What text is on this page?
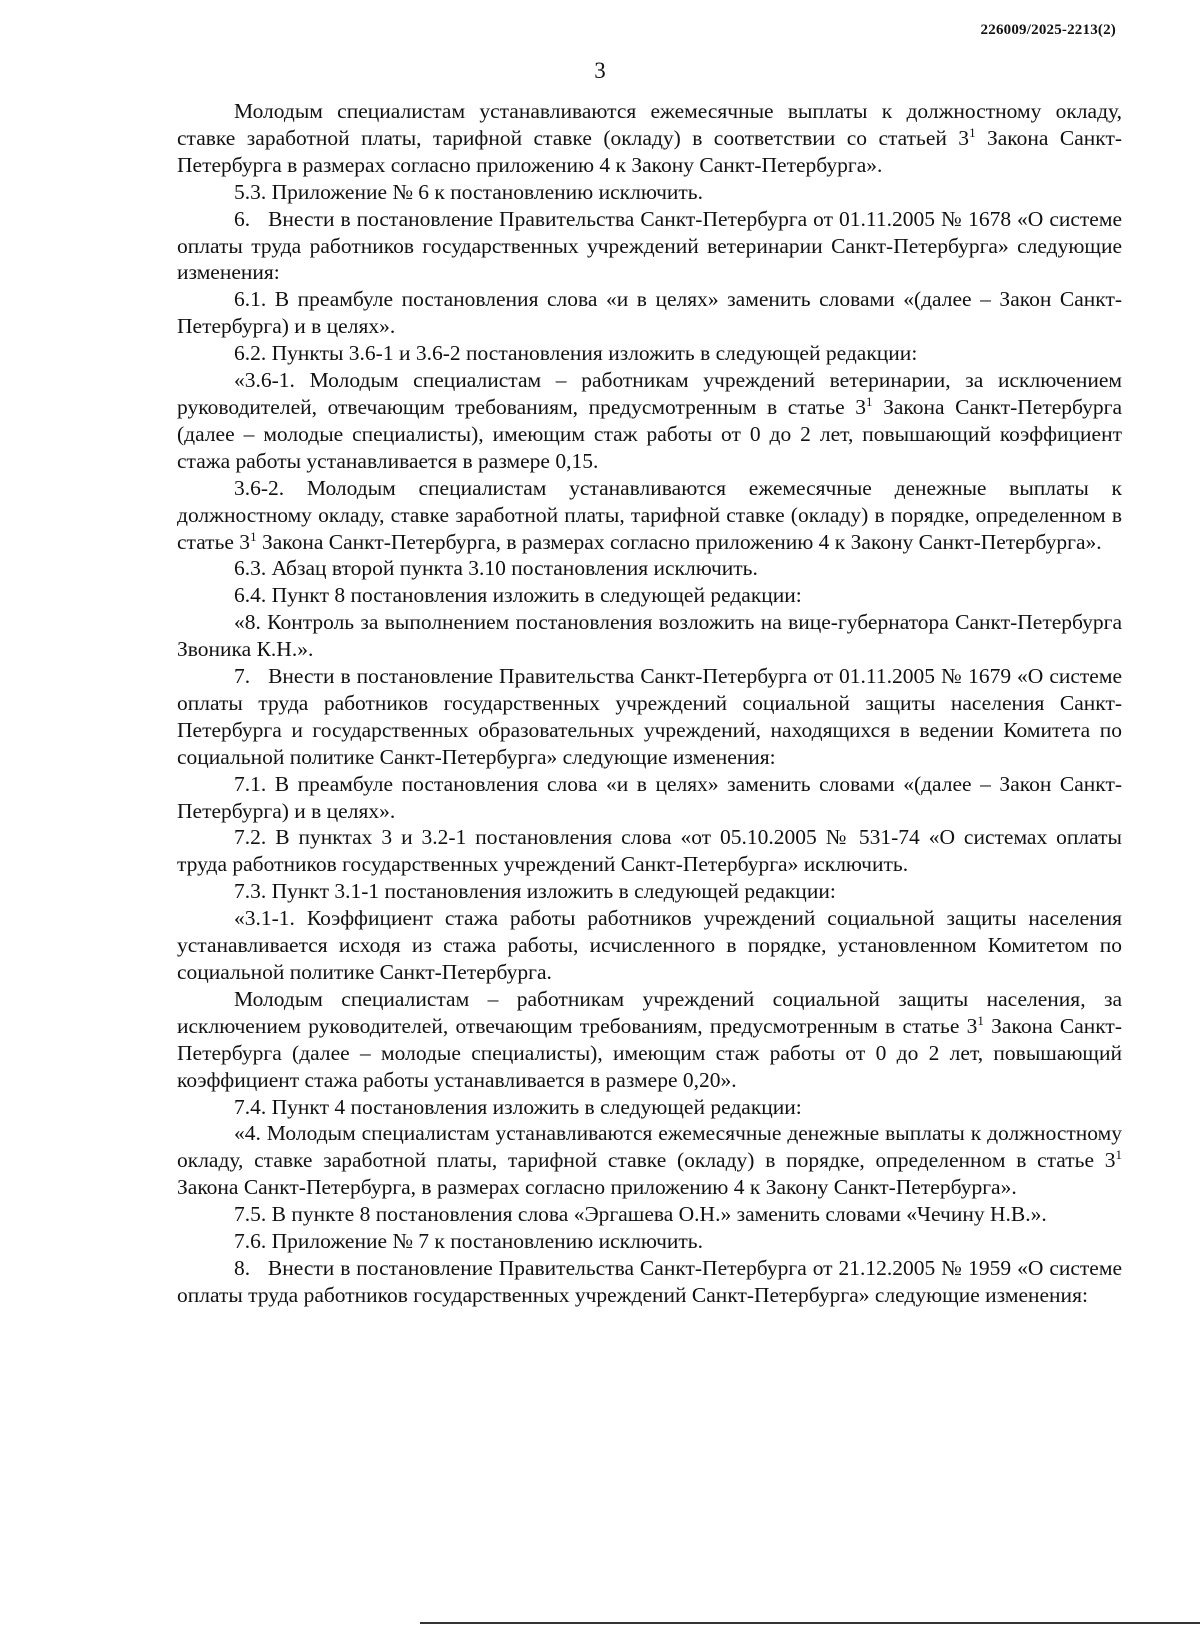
226009/2025-2213(2)
3

Молодым специалистам устанавливаются ежемесячные выплаты к должностному окладу, ставке заработной платы, тарифной ставке (окладу) в соответствии со статьей $3^1$ Закона Санкт-Петербурга в размерах согласно приложению 4 к Закону Санкт-Петербурга».

5.3. Приложение № 6 к постановлению исключить.

6.   Внести в постановление Правительства Санкт-Петербурга от 01.11.2005 № 1678 «О системе оплаты труда работников государственных учреждений ветеринарии Санкт-Петербурга» следующие изменения:

6.1. В преамбуле постановления слова «и в целях» заменить словами «(далее – Закон Санкт-Петербурга) и в целях».

6.2. Пункты 3.6-1 и 3.6-2 постановления изложить в следующей редакции:

«3.6-1. Молодым специалистам – работникам учреждений ветеринарии, за исключением руководителей, отвечающим требованиям, предусмотренным в статье $3^1$ Закона Санкт-Петербурга (далее – молодые специалисты), имеющим стаж работы от 0 до 2 лет, повышающий коэффициент стажа работы устанавливается в размере 0,15.

3.6-2. Молодым специалистам устанавливаются ежемесячные денежные выплаты к должностному окладу, ставке заработной платы, тарифной ставке (окладу) в порядке, определенном в статье $3^1$ Закона Санкт-Петербурга, в размерах согласно приложению 4 к Закону Санкт-Петербурга».

6.3. Абзац второй пункта 3.10 постановления исключить.

6.4. Пункт 8 постановления изложить в следующей редакции:

«8. Контроль за выполнением постановления возложить на вице-губернатора Санкт-Петербурга Звоника К.Н.».

7.   Внести в постановление Правительства Санкт-Петербурга от 01.11.2005 № 1679 «О системе оплаты труда работников государственных учреждений социальной защиты населения Санкт-Петербурга и государственных образовательных учреждений, находящихся в ведении Комитета по социальной политике Санкт-Петербурга» следующие изменения:

7.1. В преамбуле постановления слова «и в целях» заменить словами «(далее – Закон Санкт-Петербурга) и в целях».

7.2. В пунктах 3 и 3.2-1 постановления слова «от 05.10.2005 № 531-74 «О системах оплаты труда работников государственных учреждений Санкт-Петербурга» исключить.

7.3. Пункт 3.1-1 постановления изложить в следующей редакции:

«3.1-1. Коэффициент стажа работы работников учреждений социальной защиты населения устанавливается исходя из стажа работы, исчисленного в порядке, установленном Комитетом по социальной политике Санкт-Петербурга.

Молодым специалистам – работникам учреждений социальной защиты населения, за исключением руководителей, отвечающим требованиям, предусмотренным в статье $3^1$ Закона Санкт-Петербурга (далее – молодые специалисты), имеющим стаж работы от 0 до 2 лет, повышающий коэффициент стажа работы устанавливается в размере 0,20».

7.4. Пункт 4 постановления изложить в следующей редакции:

«4. Молодым специалистам устанавливаются ежемесячные денежные выплаты к должностному окладу, ставке заработной платы, тарифной ставке (окладу) в порядке, определенном в статье $3^1$ Закона Санкт-Петербурга, в размерах согласно приложению 4 к Закону Санкт-Петербурга».

7.5. В пункте 8 постановления слова «Эргашева О.Н.» заменить словами «Чечину Н.В.».

7.6. Приложение № 7 к постановлению исключить.

8.   Внести в постановление Правительства Санкт-Петербурга от 21.12.2005 № 1959 «О системе оплаты труда работников государственных учреждений Санкт-Петербурга» следующие изменения:
